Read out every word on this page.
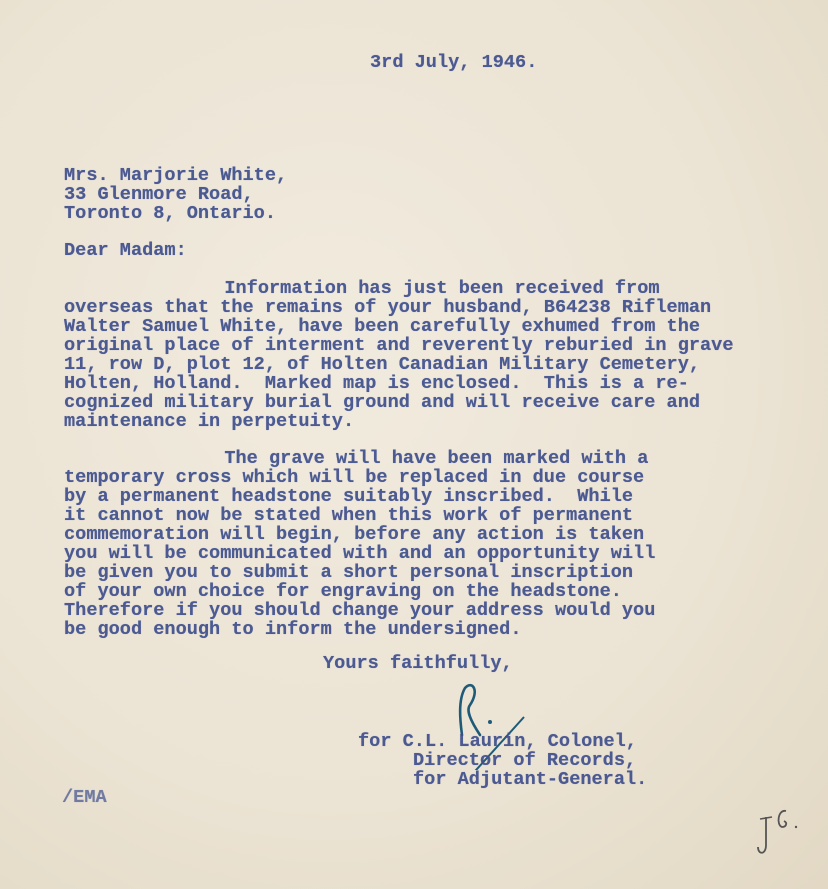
3rd July, 1946.
Mrs. Marjorie White,
33 Glenmore Road,
Toronto 8, Ontario.
Dear Madam:
Information has just been received from
overseas that the remains of your husband, B64238 Rifleman
Walter Samuel White, have been carefully exhumed from the
original place of interment and reverently reburied in grave
11, row D, plot 12, of Holten Canadian Military Cemetery,
Holten, Holland.  Marked map is enclosed.  This is a re-
cognized military burial ground and will receive care and
maintenance in perpetuity.
The grave will have been marked with a
temporary cross which will be replaced in due course
by a permanent headstone suitably inscribed.  While
it cannot now be stated when this work of permanent
commemoration will begin, before any action is taken
you will be communicated with and an opportunity will
be given you to submit a short personal inscription
of your own choice for engraving on the headstone.
Therefore if you should change your address would you
be good enough to inform the undersigned.
Yours faithfully,
for C.L. Laurin, Colonel,
Director of Records,
for Adjutant-General.
/EMA
